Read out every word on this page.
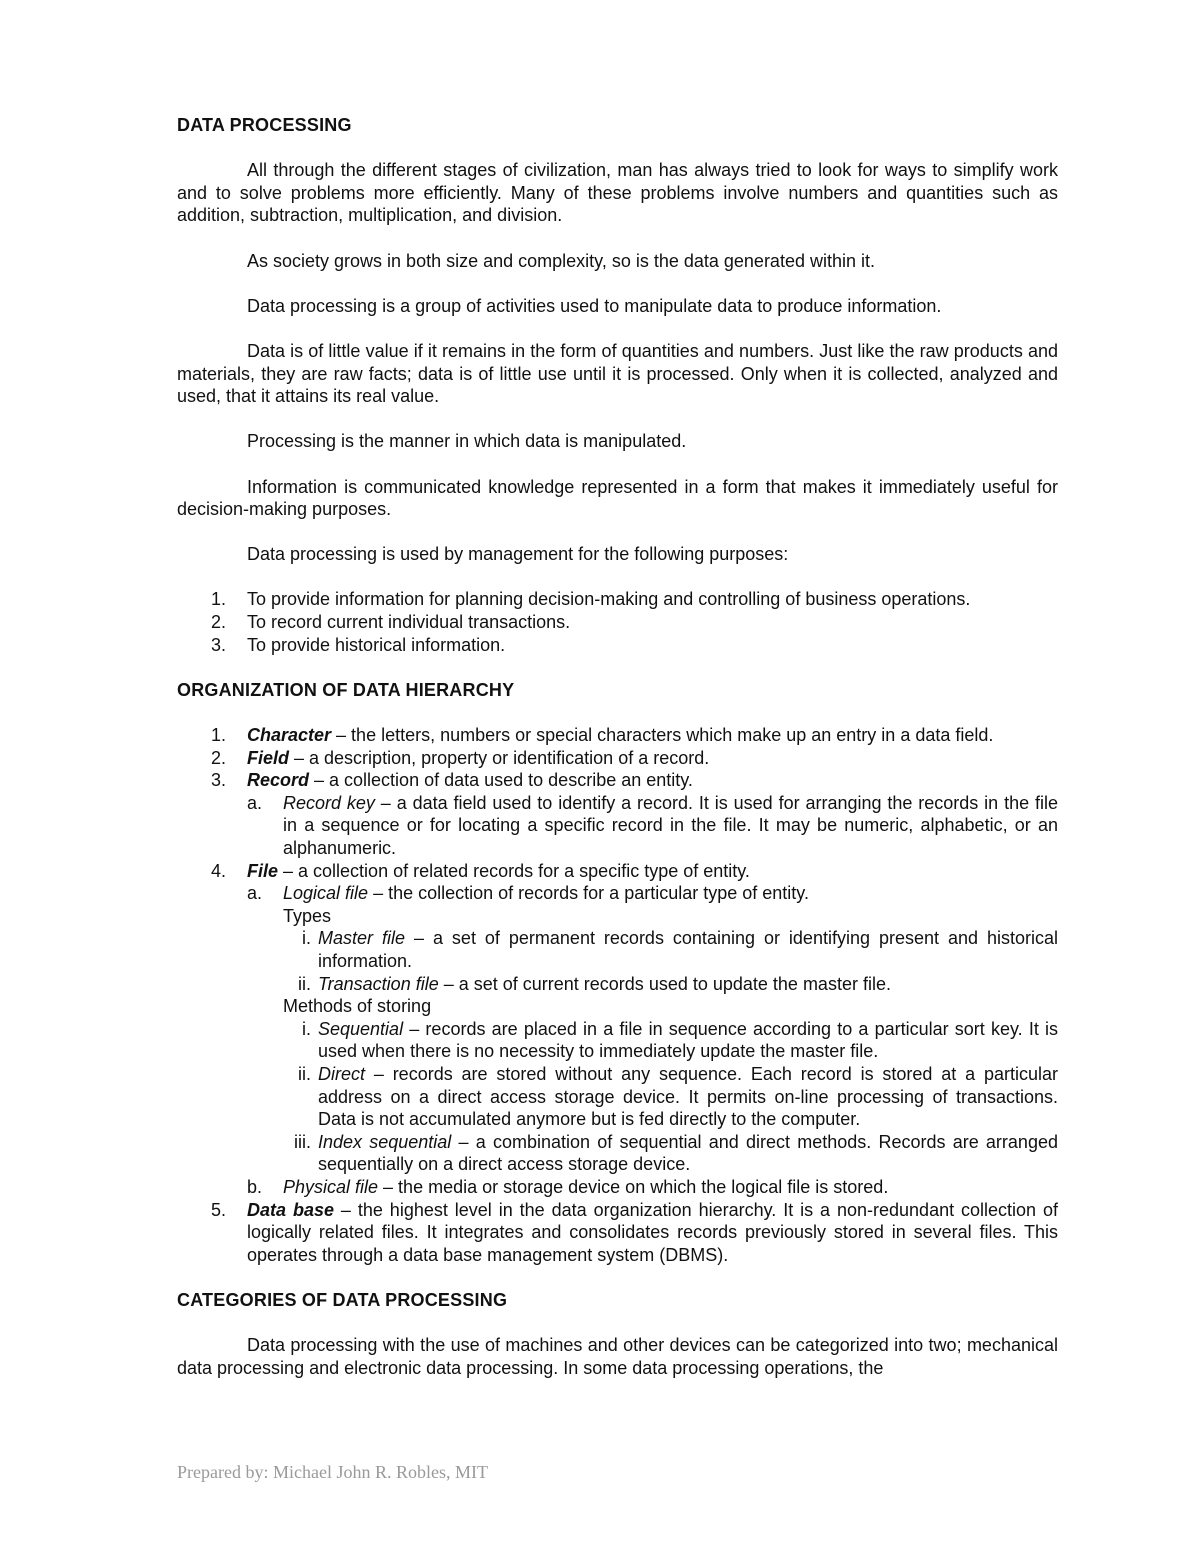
DATA PROCESSING

All through the different stages of civilization, man has always tried to look for ways to simplify work and to solve problems more efficiently. Many of these problems involve numbers and quantities such as addition, subtraction, multiplication, and division.

As society grows in both size and complexity, so is the data generated within it.

Data processing is a group of activities used to manipulate data to produce information.

Data is of little value if it remains in the form of quantities and numbers. Just like the raw products and materials, they are raw facts; data is of little use until it is processed. Only when it is collected, analyzed and used, that it attains its real value.

Processing is the manner in which data is manipulated.

Information is communicated knowledge represented in a form that makes it immediately useful for decision-making purposes.

Data processing is used by management for the following purposes:

1. To provide information for planning decision-making and controlling of business operations.
2. To record current individual transactions.
3. To provide historical information.
ORGANIZATION OF DATA HIERARCHY
1. Character – the letters, numbers or special characters which make up an entry in a data field.
2. Field – a description, property or identification of a record.
3. Record – a collection of data used to describe an entity.
a. Record key – a data field used to identify a record. It is used for arranging the records in the file in a sequence or for locating a specific record in the file. It may be numeric, alphabetic, or an alphanumeric.
4. File – a collection of related records for a specific type of entity.
a. Logical file – the collection of records for a particular type of entity.
Types
i. Master file – a set of permanent records containing or identifying present and historical information.
ii. Transaction file – a set of current records used to update the master file.
Methods of storing
i. Sequential – records are placed in a file in sequence according to a particular sort key. It is used when there is no necessity to immediately update the master file.
ii. Direct – records are stored without any sequence. Each record is stored at a particular address on a direct access storage device. It permits on-line processing of transactions. Data is not accumulated anymore but is fed directly to the computer.
iii. Index sequential – a combination of sequential and direct methods. Records are arranged sequentially on a direct access storage device.
b. Physical file – the media or storage device on which the logical file is stored.
5. Data base – the highest level in the data organization hierarchy. It is a non-redundant collection of logically related files. It integrates and consolidates records previously stored in several files. This operates through a data base management system (DBMS).
CATEGORIES OF DATA PROCESSING

Data processing with the use of machines and other devices can be categorized into two; mechanical data processing and electronic data processing. In some data processing operations, the

Prepared by: Michael John R. Robles, MIT
